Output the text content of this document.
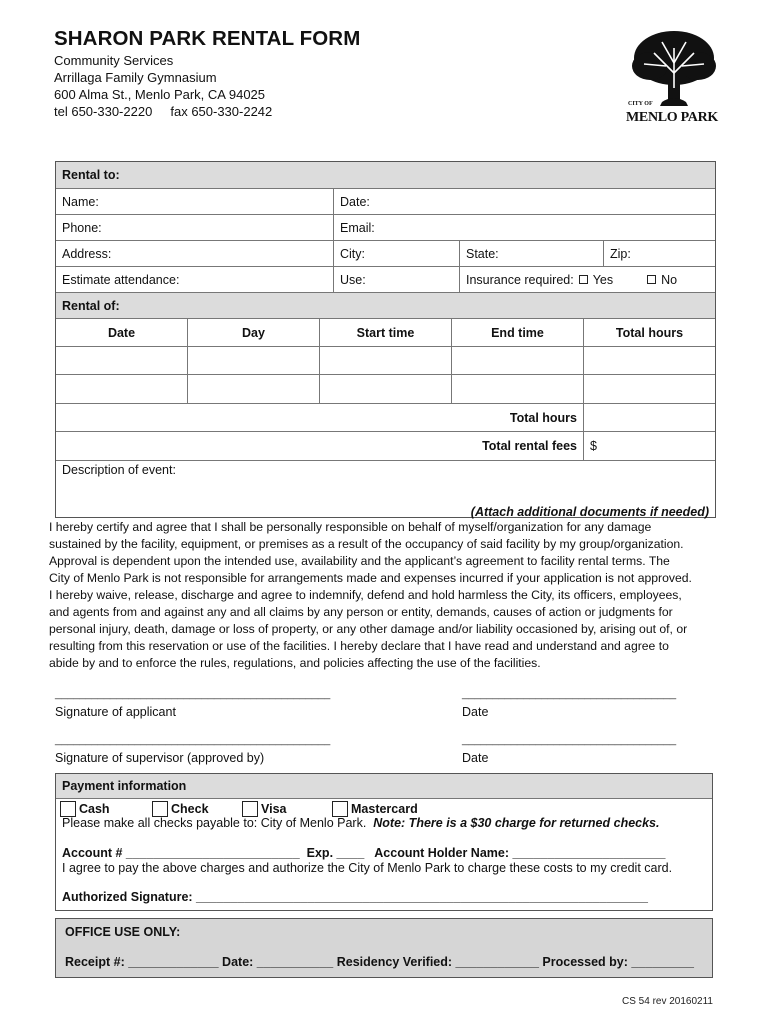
SHARON PARK RENTAL FORM
Community Services
Arrillaga Family Gymnasium
600 Alma St., Menlo Park, CA 94025
tel 650-330-2220     fax 650-330-2242	CITY OF
MENLO PARK
Rental to:
Name:	Date:
Phone:	Email:
Address:	City:	State:	Zip:
Estimate attendance:	Use:	Insurance required: Yes	No
Rental of:
Date	Day	Start time	End time	Total hours
Total hours
Total rental fees	$
Description of event:
(Attach additional documents if needed)
I hereby certify and agree that I shall be personally responsible on behalf of myself/organization for any damage
sustained by the facility, equipment, or premises as a result of the occupancy of said facility by my group/organization.
Approval is dependent upon the intended use, availability and the applicant’s agreement to facility rental terms. The
City of Menlo Park is not responsible for arrangements made and expenses incurred if your application is not approved.
I hereby waive, release, discharge and agree to indemnify, defend and hold harmless the City, its officers, employees,
and agents from and against any and all claims by any person or entity, demands, causes of action or judgments for
personal injury, death, damage or loss of property, or any other damage and/or liability occasioned by, arising out of, or
resulting from this reservation or use of the facilities. I hereby declare that I have read and understand and agree to
abide by and to enforce the rules, regulations, and policies affecting the use of the facilities.
_____________________________________________	___________________________________
Signature of applicant	Date
_____________________________________________	___________________________________
Signature of supervisor (approved by)	Date
Payment information
Cash	Check	Visa	Mastercard
Please make all checks payable to: City of Menlo Park.  Note: There is a $30 charge for returned checks.
Account # _________________________  Exp. ____   Account Holder Name: ______________________
I agree to pay the above charges and authorize the City of Menlo Park to charge these costs to my credit card.
Authorized Signature: _________________________________________________________________
OFFICE USE ONLY:
Receipt #: _____________ Date: ___________ Residency Verified: ____________ Processed by: _________
CS 54 rev 20160211
